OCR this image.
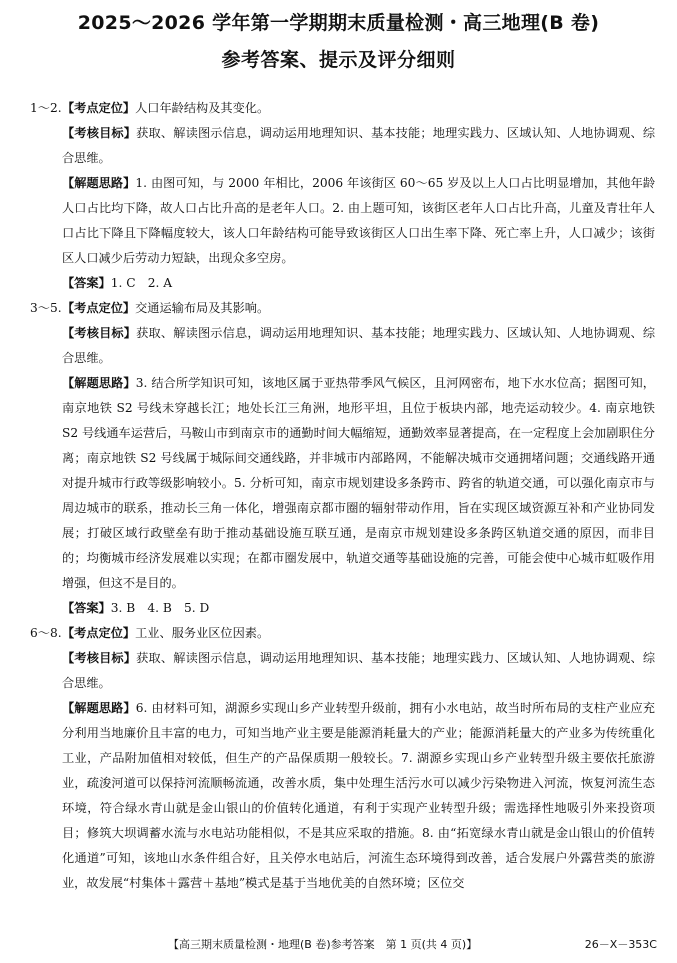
2025～2026 学年第一学期期末质量检测・高三地理(B 卷)
参考答案、提示及评分细则
1～2.【考点定位】人口年龄结构及其变化。
【考核目标】获取、解读图示信息，调动运用地理知识、基本技能；地理实践力、区域认知、人地协调观、综合思维。
【解题思路】1. 由图可知，与 2000 年相比，2006 年该街区 60～65 岁及以上人口占比明显增加，其他年龄人口占比均下降，故人口占比升高的是老年人口。2. 由上题可知，该街区老年人口占比升高，儿童及青壮年人口占比下降且下降幅度较大，该人口年龄结构可能导致该街区人口出生率下降、死亡率上升，人口减少；该街区人口减少后劳动力短缺，出现众多空房。
【答案】1. C　2. A
3～5.【考点定位】交通运输布局及其影响。
【考核目标】获取、解读图示信息，调动运用地理知识、基本技能；地理实践力、区域认知、人地协调观、综合思维。
【解题思路】3. 结合所学知识可知，该地区属于亚热带季风气候区，且河网密布，地下水水位高；据图可知，南京地铁 S2 号线未穿越长江；地处长江三角洲，地形平坦，且位于板块内部，地壳运动较少。4. 南京地铁 S2 号线通车运营后，马鞍山市到南京市的通勤时间大幅缩短，通勤效率显著提高，在一定程度上会加剧职住分离；南京地铁 S2 号线属于城际间交通线路，并非城市内部路网，不能解决城市交通拥堵问题；交通线路开通对提升城市行政等级影响较小。5. 分析可知，南京市规划建设多条跨市、跨省的轨道交通，可以强化南京市与周边城市的联系，推动长三角一体化，增强南京都市圈的辐射带动作用，旨在实现区域资源互补和产业协同发展；打破区域行政壁垒有助于推动基础设施互联互通，是南京市规划建设多条跨区轨道交通的原因，而非目的；均衡城市经济发展难以实现；在都市圈发展中，轨道交通等基础设施的完善，可能会使中心城市虹吸作用增强，但这不是目的。
【答案】3. B　4. B　5. D
6～8.【考点定位】工业、服务业区位因素。
【考核目标】获取、解读图示信息，调动运用地理知识、基本技能；地理实践力、区域认知、人地协调观、综合思维。
【解题思路】6. 由材料可知，湖源乡实现山乡产业转型升级前，拥有小水电站，故当时所布局的支柱产业应充分利用当地廉价且丰富的电力，可知当地产业主要是能源消耗量大的产业；能源消耗量大的产业多为传统重化工业，产品附加值相对较低，但生产的产品保质期一般较长。7. 湖源乡实现山乡产业转型升级主要依托旅游业，疏浚河道可以保持河流顺畅流通，改善水质，集中处理生活污水可以减少污染物进入河流，恢复河流生态环境，符合绿水青山就是金山银山的价值转化通道，有利于实现产业转型升级；需选择性地吸引外来投资项目；修筑大坝调蓄水流与水电站功能相似，不是其应采取的措施。8. 由“拓宽绿水青山就是金山银山的价值转化通道”可知，该地山水条件组合好，且关停水电站后，河流生态环境得到改善，适合发展户外露营类的旅游业，故发展“村集体＋露营＋基地”模式是基于当地优美的自然环境；区位交
【高三期末质量检测・地理(B 卷)参考答案　第 1 页(共 4 页)】	26－X－353C
